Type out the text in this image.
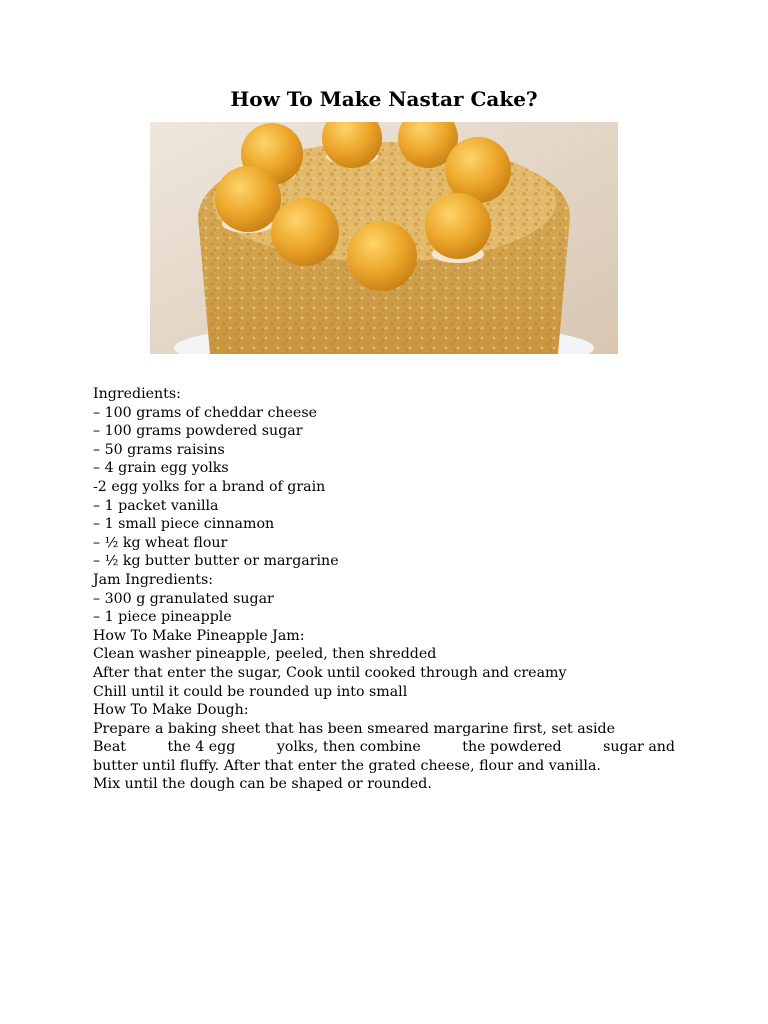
How To Make Nastar Cake?
Ingredients:
– 100 grams of cheddar cheese
– 100 grams powdered sugar
– 50 grams raisins
– 4 grain egg yolks
-2 egg yolks for a brand of grain
– 1 packet vanilla
– 1 small piece cinnamon
– ½ kg wheat flour
– ½ kg butter butter or margarine
Jam Ingredients:
– 300 g granulated sugar
– 1 piece pineapple
How To Make Pineapple Jam:
Clean washer pineapple, peeled, then shredded
After that enter the sugar, Cook until cooked through and creamy
Chill until it could be rounded up into small
How To Make Dough:
Prepare a baking sheet that has been smeared margarine first, set aside
Beat	the 4 egg	yolks, then combine	the powdered	sugar and
butter until fluffy. After that enter the grated cheese, flour and vanilla.
Mix until the dough can be shaped or rounded.
